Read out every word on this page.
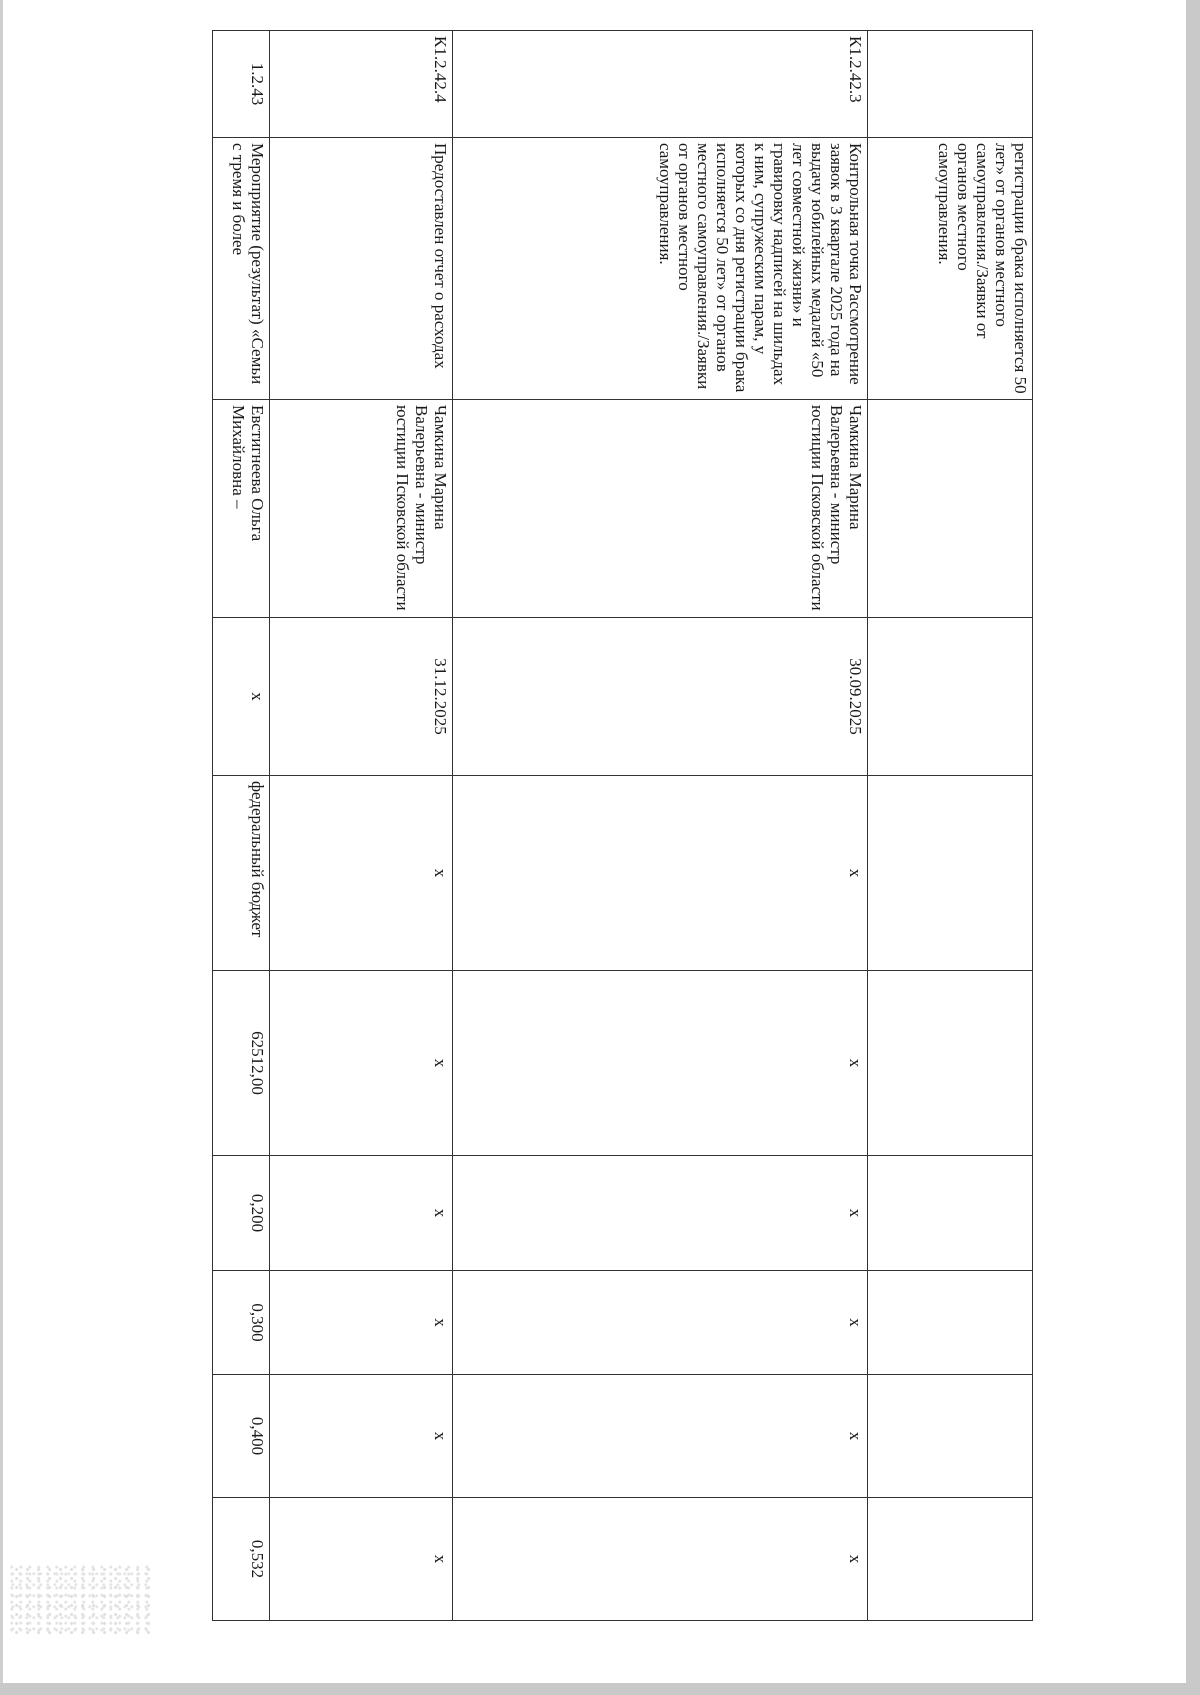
	регистрации брака исполняется 50 лет» от органов местного самоуправления./Заявки от органов местного самоуправления.								
К1.2.42.3	Контрольная точка Рассмотрение заявок в 3 квартале 2025 года на выдачу юбилейных медалей «50 лет совместной жизни» и гравировку надписей на шильдах к ним, супружеским парам, у которых со дня регистрации брака исполняется 50 лет» от органов местного самоуправления./Заявки от органов местного самоуправления.	Чамкина Марина Валерьевна - министр юстиции Псковской области	30.09.2025	x	x	x	x	x	x
К1.2.42.4	Предоставлен отчет о расходах	Чамкина Марина Валерьевна - министр юстиции Псковской области	31.12.2025	x	x	x	x	x	x
1.2.43	Мероприятие (результат) «Семьи с тремя и более	Евстигнеева Ольга Михайловна –	x	федеральный бюджет	62512,00	0,200	0,300	0,400	0,532
